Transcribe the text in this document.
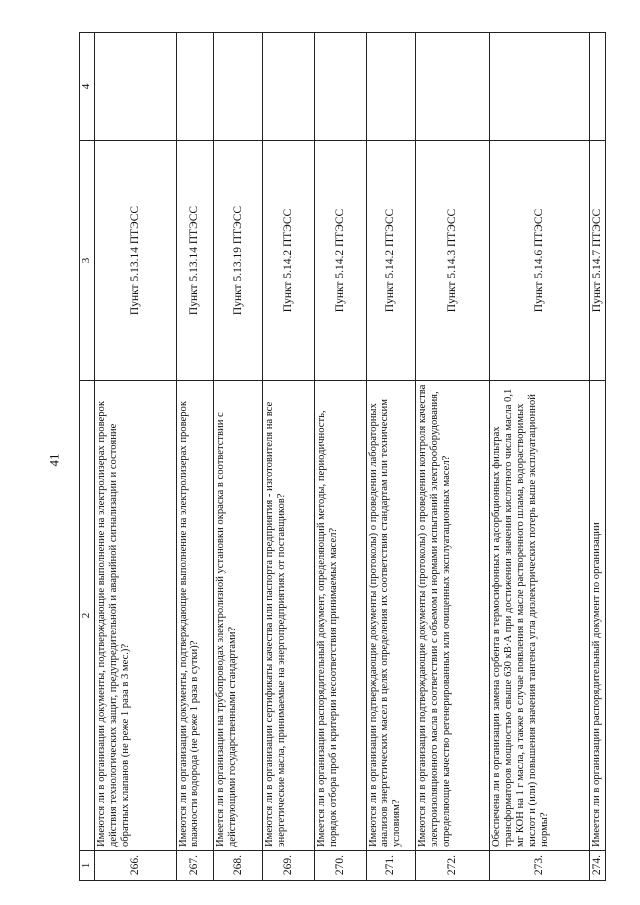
41
1	2	3	4
266.	Имеются ли в организации документы, подтверждающие выполнение на электролизерах проверок действия технологических защит, предупредительной и аварийной сигнализации и состояние обратных клапанов (не реже 1 раза в 3 мес.)?	Пункт 5.13.14 ПТЭСС	
267.	Имеются ли в организации документы, подтверждающие выполнение на электролизерах проверок влажности водорода (не реже 1 раза в сутки)?	Пункт 5.13.14 ПТЭСС	
268.	Имеется ли в организации на трубопроводах электролизной установки окраска в соответствии с действующими государственными стандартами?	Пункт 5.13.19 ПТЭСС	
269.	Имеются ли в организации сертификаты качества или паспорта предприятия - изготовителя на все энергетические масла, принимаемые на энергопредприятиях от поставщиков?	Пункт 5.14.2 ПТЭСС	
270.	Имеется ли в организации распорядительный документ, определяющий методы, периодичность, порядок отбора проб и критерии несоответствия принимаемых масел?	Пункт 5.14.2 ПТЭСС	
271.	Имеются ли в организации подтверждающие документы (протоколы) о проведении лабораторных анализов энергетических масел в целях определения их соответствия стандартам или техническим условиям?	Пункт 5.14.2 ПТЭСС	
272.	Имеются ли в организации подтверждающие документы (протоколы) о проведении контроля качества электроизоляционного масла в соответствии с объемом и нормами испытаний электрооборудования, определяющие качество регенерированных или очищенных эксплуатационных масел?	Пункт 5.14.3 ПТЭСС	
273.	Обеспечена ли в организации замена сорбента в термосифонных и адсорбционных фильтрах трансформаторов мощностью свыше 630 кВ·А при достижении значения кислотного числа масла 0,1 мг КОН на 1 г масла, а также в случае появления в масле растворенного шлама, водорастворимых кислот и (или) повышения значения тангенса угла диэлектрических потерь выше эксплуатационной нормы?	Пункт 5.14.6 ПТЭСС	
274.	Имеется ли в организации распорядительный документ по организации	Пункт 5.14.7 ПТЭСС	
